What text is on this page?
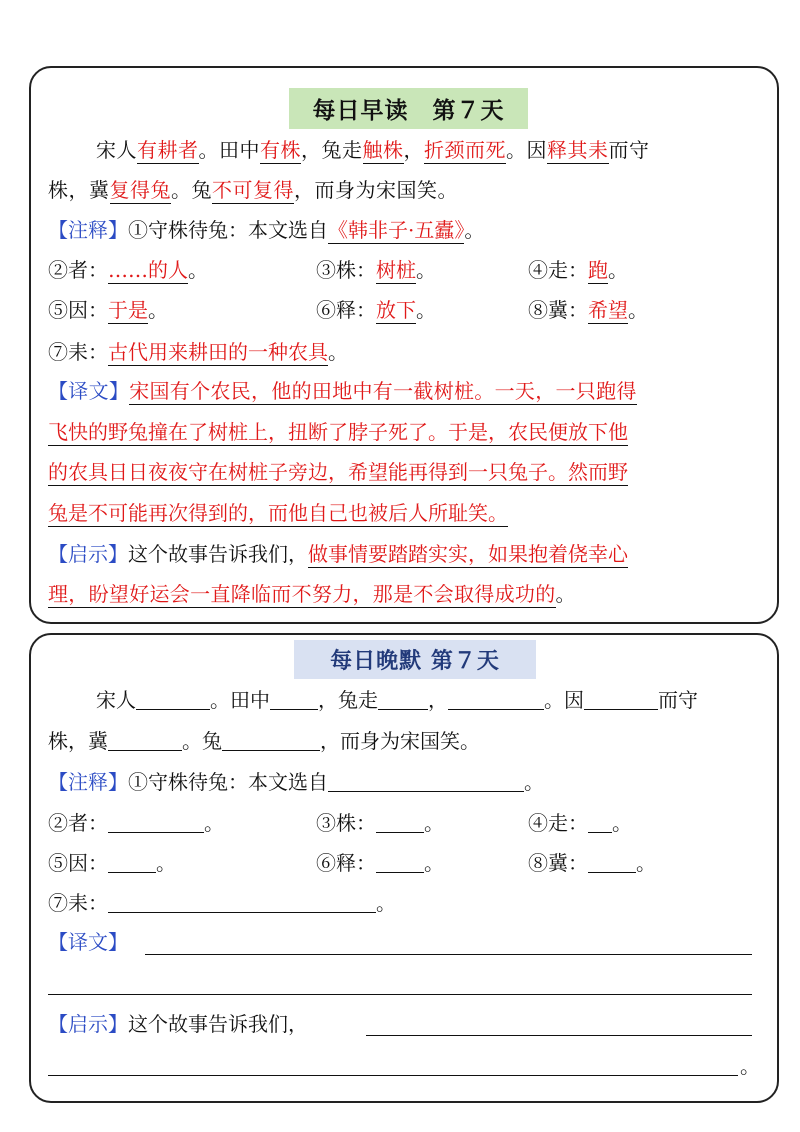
每日早读　第７天
宋人有耕者。田中有株，兔走触株，折颈而死。因释其耒而守
株，冀复得兔。兔不可复得，而身为宋国笑。
【注释】①守株待兔：本文选自《韩非子·五蠹》。
②者：……的人。	③株：树桩。	④走：跑。
⑤因：于是。	⑥释：放下。	⑧冀：希望。
⑦耒：古代用来耕田的一种农具。
【译文】宋国有个农民，他的田地中有一截树桩。一天，一只跑得
飞快的野兔撞在了树桩上，扭断了脖子死了。于是，农民便放下他
的农具日日夜夜守在树桩子旁边，希望能再得到一只兔子。然而野
兔是不可能再次得到的，而他自己也被后人所耻笑。
【启示】这个故事告诉我们，做事情要踏踏实实，如果抱着侥幸心
理，盼望好运会一直降临而不努力，那是不会取得成功的。
每日晚默 第７天
宋人	。田中 ，兔走	，	。因	而守
株，冀	。兔	，而身为宋国笑。
【注释】①守株待兔：本文选自	。
②者：	。	③株： 。	④走： 。
⑤因： 。	⑥释： 。	⑧冀： 。
⑦耒：	。
【译文】
【启示】这个故事告诉我们，
。
